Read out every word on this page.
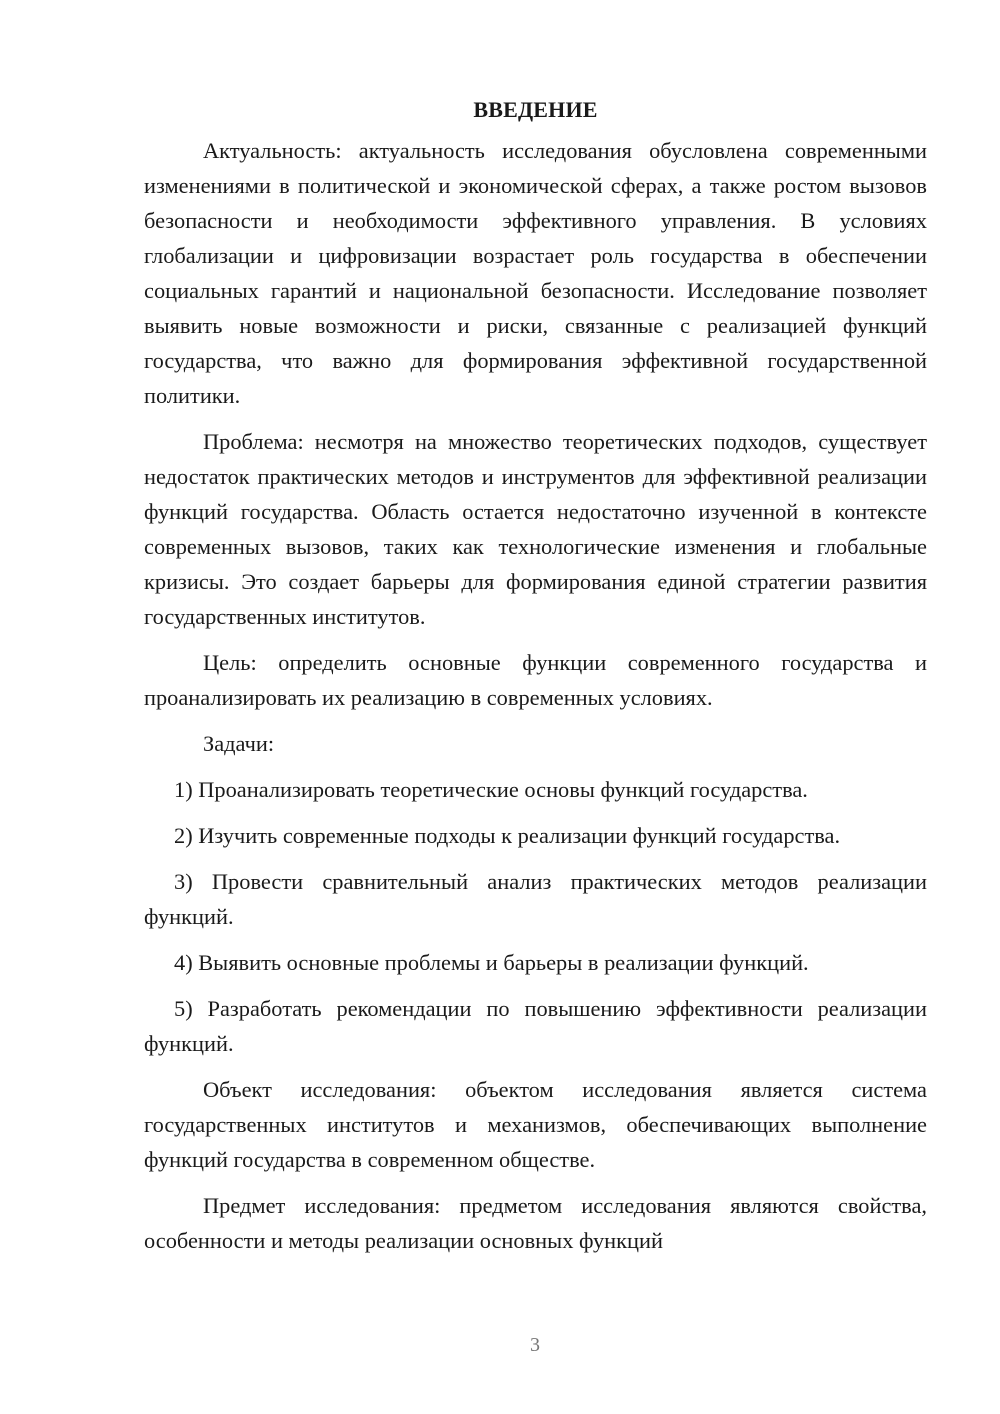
ВВЕДЕНИЕ

Актуальность: актуальность исследования обусловлена современными изменениями в политической и экономической сферах, а также ростом вызовов безопасности и необходимости эффективного управления. В условиях глобализации и цифровизации возрастает роль государства в обеспечении социальных гарантий и национальной безопасности. Исследование позволяет выявить новые возможности и риски, связанные с реализацией функций государства, что важно для формирования эффективной государственной политики.

Проблема: несмотря на множество теоретических подходов, существует недостаток практических методов и инструментов для эффективной реализации функций государства. Область остается недостаточно изученной в контексте современных вызовов, таких как технологические изменения и глобальные кризисы. Это создает барьеры для формирования единой стратегии развития государственных институтов.

Цель: определить основные функции современного государства и проанализировать их реализацию в современных условиях.

Задачи:

1) Проанализировать теоретические основы функций государства.

2) Изучить современные подходы к реализации функций государства.

3) Провести сравнительный анализ практических методов реализации функций.

4) Выявить основные проблемы и барьеры в реализации функций.

5) Разработать рекомендации по повышению эффективности реализации функций.

Объект исследования: объектом исследования является система государственных институтов и механизмов, обеспечивающих выполнение функций государства в современном обществе.

Предмет исследования: предметом исследования являются свойства, особенности и методы реализации основных функций

3
